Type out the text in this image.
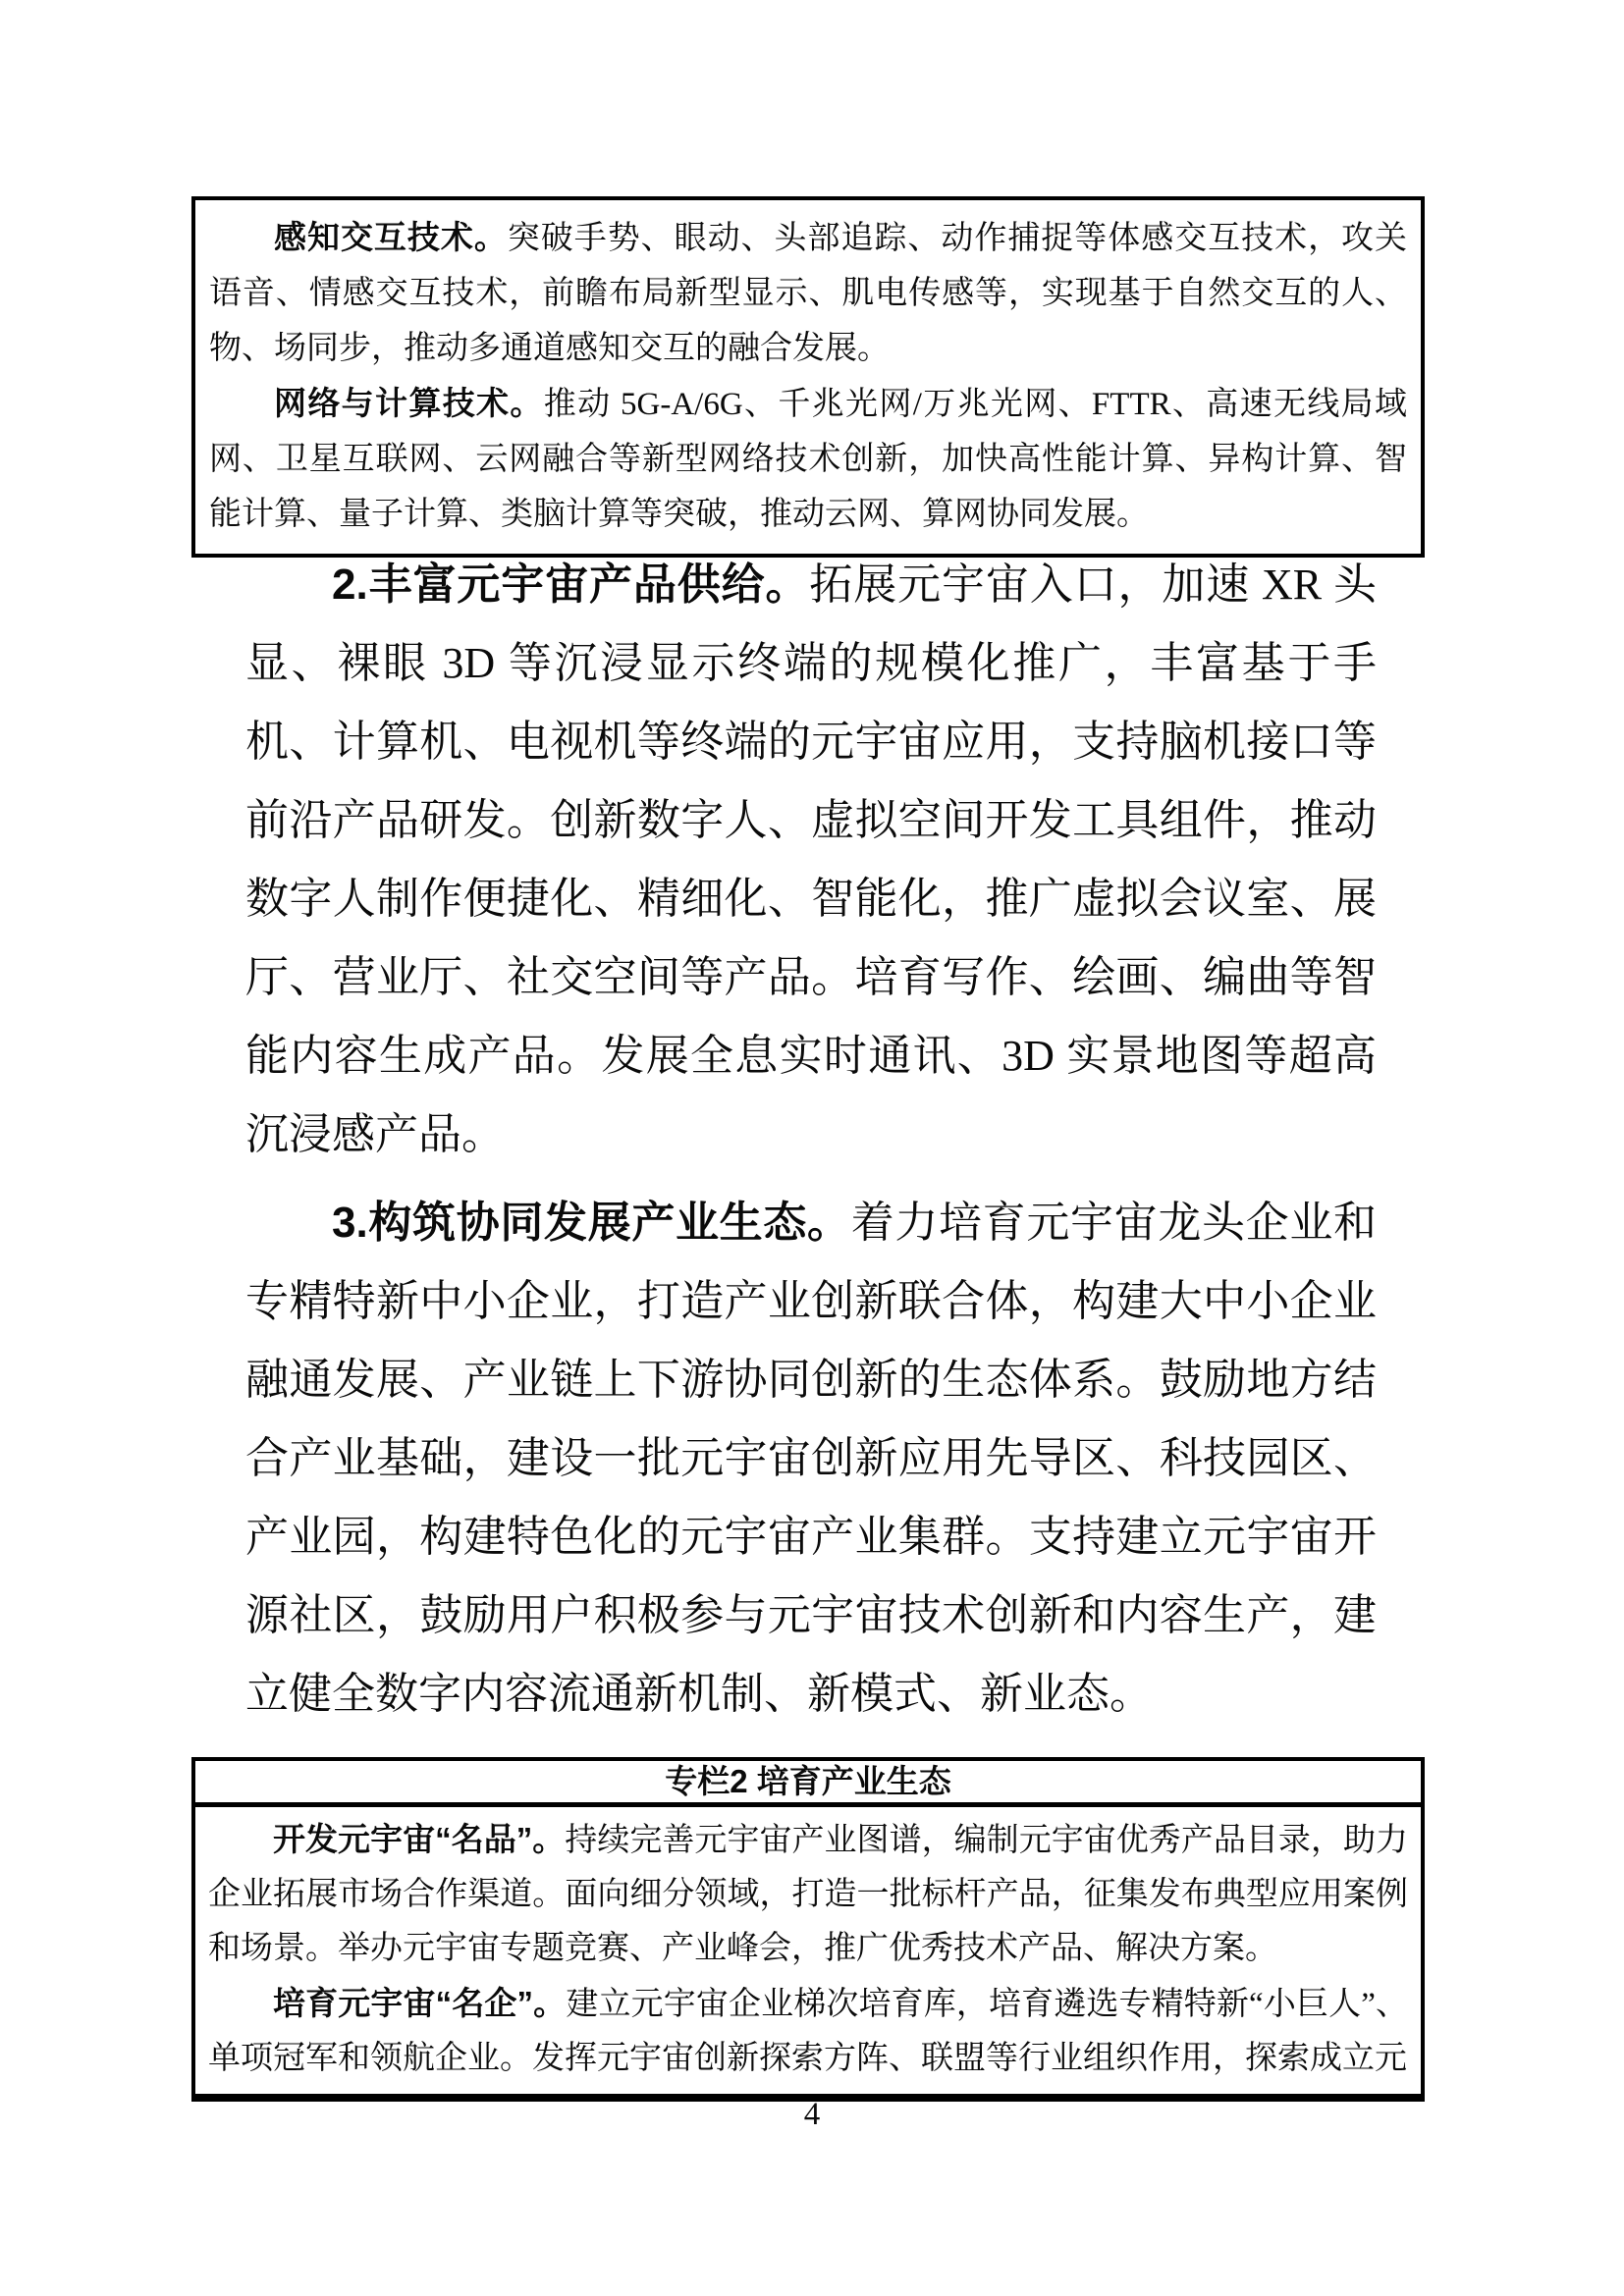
感知交互技术。突破手势、眼动、头部追踪、动作捕捉等体感交互技术，攻关语音、情感交互技术，前瞻布局新型显示、肌电传感等，实现基于自然交互的人、物、场同步，推动多通道感知交互的融合发展。

网络与计算技术。推动 5G-A/6G、千兆光网/万兆光网、FTTR、高速无线局域网、卫星互联网、云网融合等新型网络技术创新，加快高性能计算、异构计算、智能计算、量子计算、类脑计算等突破，推动云网、算网协同发展。

2.丰富元宇宙产品供给。拓展元宇宙入口，加速 XR 头显、裸眼 3D 等沉浸显示终端的规模化推广，丰富基于手机、计算机、电视机等终端的元宇宙应用，支持脑机接口等前沿产品研发。创新数字人、虚拟空间开发工具组件，推动数字人制作便捷化、精细化、智能化，推广虚拟会议室、展厅、营业厅、社交空间等产品。培育写作、绘画、编曲等智能内容生成产品。发展全息实时通讯、3D 实景地图等超高沉浸感产品。

3.构筑协同发展产业生态。着力培育元宇宙龙头企业和专精特新中小企业，打造产业创新联合体，构建大中小企业融通发展、产业链上下游协同创新的生态体系。鼓励地方结合产业基础，建设一批元宇宙创新应用先导区、科技园区、产业园，构建特色化的元宇宙产业集群。支持建立元宇宙开源社区，鼓励用户积极参与元宇宙技术创新和内容生产，建立健全数字内容流通新机制、新模式、新业态。

专栏2 培育产业生态

开发元宇宙“名品”。持续完善元宇宙产业图谱，编制元宇宙优秀产品目录，助力企业拓展市场合作渠道。面向细分领域，打造一批标杆产品，征集发布典型应用案例和场景。举办元宇宙专题竞赛、产业峰会，推广优秀技术产品、解决方案。

培育元宇宙“名企”。建立元宇宙企业梯次培育库，培育遴选专精特新“小巨人”、单项冠军和领航企业。发挥元宇宙创新探索方阵、联盟等行业组织作用，探索成立元

4
